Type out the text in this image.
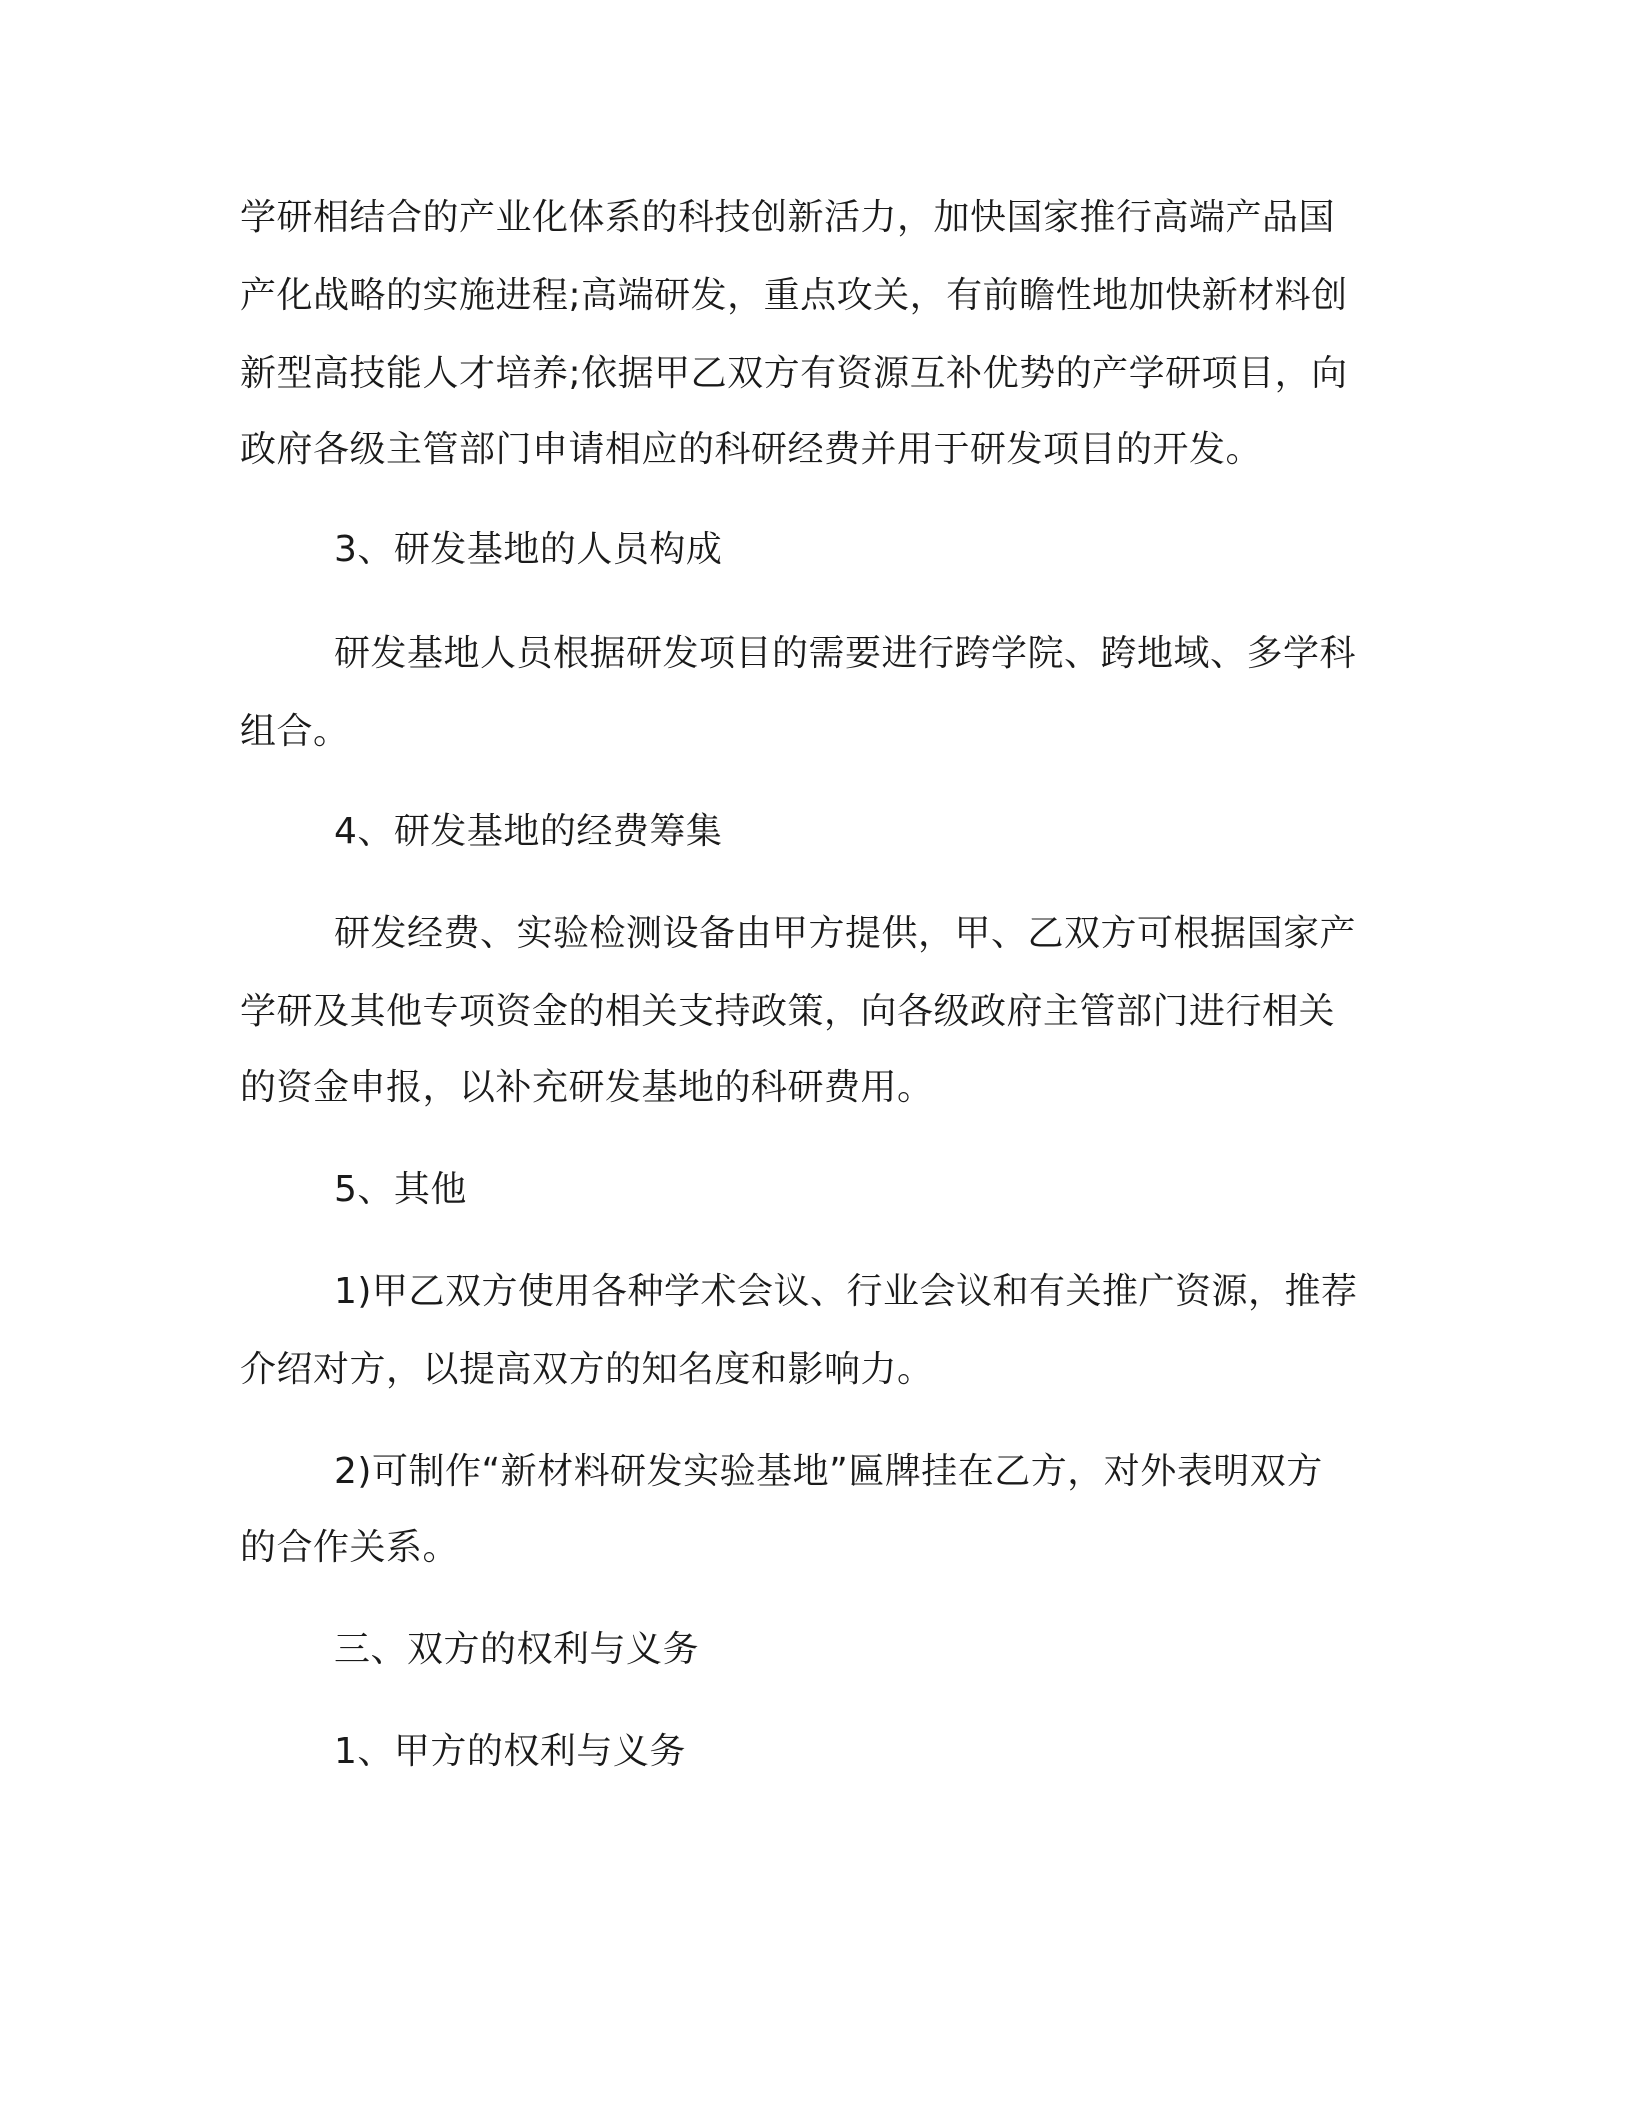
学研相结合的产业化体系的科技创新活力，加快国家推行高端产品国
产化战略的实施进程;高端研发，重点攻关，有前瞻性地加快新材料创
新型高技能人才培养;依据甲乙双方有资源互补优势的产学研项目，向
政府各级主管部门申请相应的科研经费并用于研发项目的开发。
3、研发基地的人员构成
研发基地人员根据研发项目的需要进行跨学院、跨地域、多学科
组合。
4、研发基地的经费筹集
研发经费、实验检测设备由甲方提供，甲、乙双方可根据国家产
学研及其他专项资金的相关支持政策，向各级政府主管部门进行相关
的资金申报，以补充研发基地的科研费用。
5、其他
1)甲乙双方使用各种学术会议、行业会议和有关推广资源，推荐
介绍对方，以提高双方的知名度和影响力。
2)可制作“新材料研发实验基地”匾牌挂在乙方，对外表明双方
的合作关系。
三、双方的权利与义务
1、甲方的权利与义务
